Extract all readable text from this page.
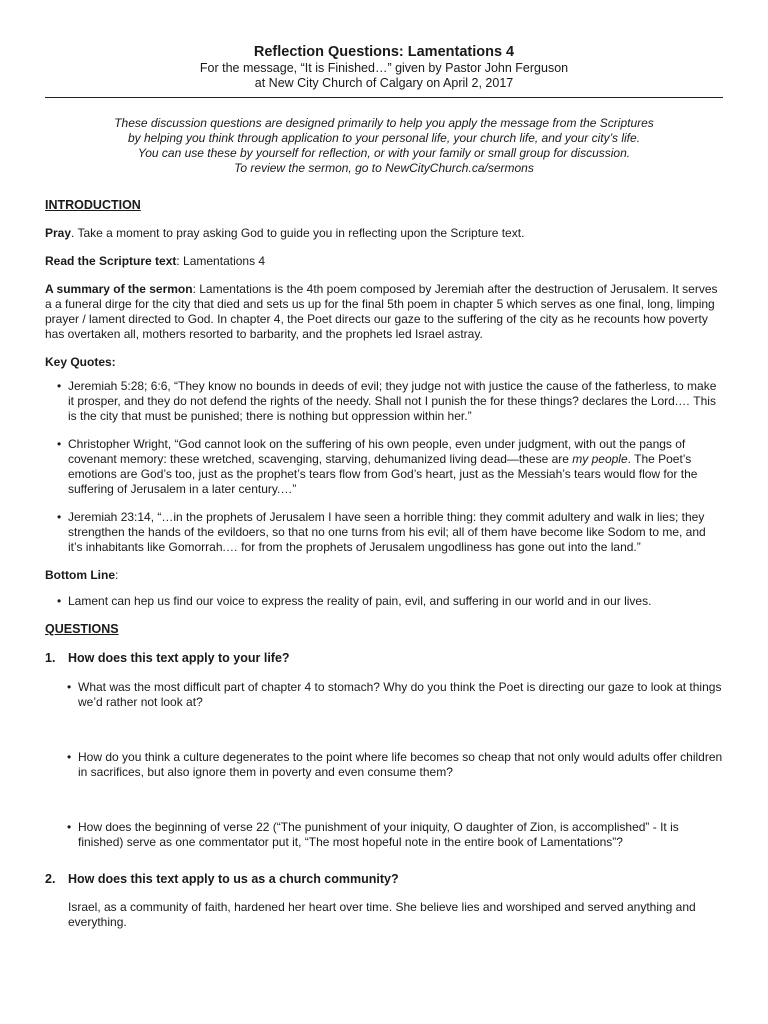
Reflection Questions: Lamentations 4

For the message, “It is Finished…” given by Pastor John Ferguson

at New City Church of Calgary on April 2, 2017

These discussion questions are designed primarily to help you apply the message from the Scriptures
by helping you think through application to your personal life, your church life, and your city’s life.
You can use these by yourself for reflection, or with your family or small group for discussion.
To review the sermon, go to NewCityChurch.ca/sermons
INTRODUCTION

Pray. Take a moment to pray asking God to guide you in reflecting upon the Scripture text.

Read the Scripture text: Lamentations 4

A summary of the sermon: Lamentations is the 4th poem composed by Jeremiah after the destruction of Jerusalem. It serves a a funeral dirge for the city that died and sets us up for the final 5th poem in chapter 5 which serves as one final, long, limping prayer / lament directed to God. In chapter 4, the Poet directs our gaze to the suffering of the city as he recounts how poverty has overtaken all, mothers resorted to barbarity, and the prophets led Israel astray.

Key Quotes:

• Jeremiah 5:28; 6:6, “They know no bounds in deeds of evil; they judge not with justice the cause of the fatherless, to make it prosper, and they do not defend the rights of the needy. Shall not I punish the for these things? declares the Lord.… This is the city that must be punished; there is nothing but oppression within her.”
• Christopher Wright, “God cannot look on the suffering of his own people, even under judgment, with out the pangs of covenant memory: these wretched, scavenging, starving, dehumanized living dead—these are my people. The Poet’s emotions are God’s too, just as the prophet’s tears flow from God’s heart, just as the Messiah’s tears would flow for the suffering of Jerusalem in a later century.…”
• Jeremiah 23:14, “…in the prophets of Jerusalem I have seen a horrible thing: they commit adultery and walk in lies; they strengthen the hands of the evildoers, so that no one turns from his evil; all of them have become like Sodom to me, and it’s inhabitants like Gomorrah.… for from the prophets of Jerusalem ungodliness has gone out into the land.”

Bottom Line:

• Lament can hep us find our voice to express the reality of pain, evil, and suffering in our world and in our lives.
QUESTIONS
1.	How does this text apply to your life?
• What was the most difficult part of chapter 4 to stomach? Why do you think the Poet is directing our gaze to look at things we’d rather not look at?
• How do you think a culture degenerates to the point where life becomes so cheap that not only would adults offer children in sacrifices, but also ignore them in poverty and even consume them?
• How does the beginning of verse 22 (“The punishment of your iniquity, O daughter of Zion, is accomplished” - It is finished) serve as one commentator put it, “The most hopeful note in the entire book of Lamentations”?
2.	How does this text apply to us as a church community?

Israel, as a community of faith, hardened her heart over time. She believe lies and worshiped and served anything and everything.
